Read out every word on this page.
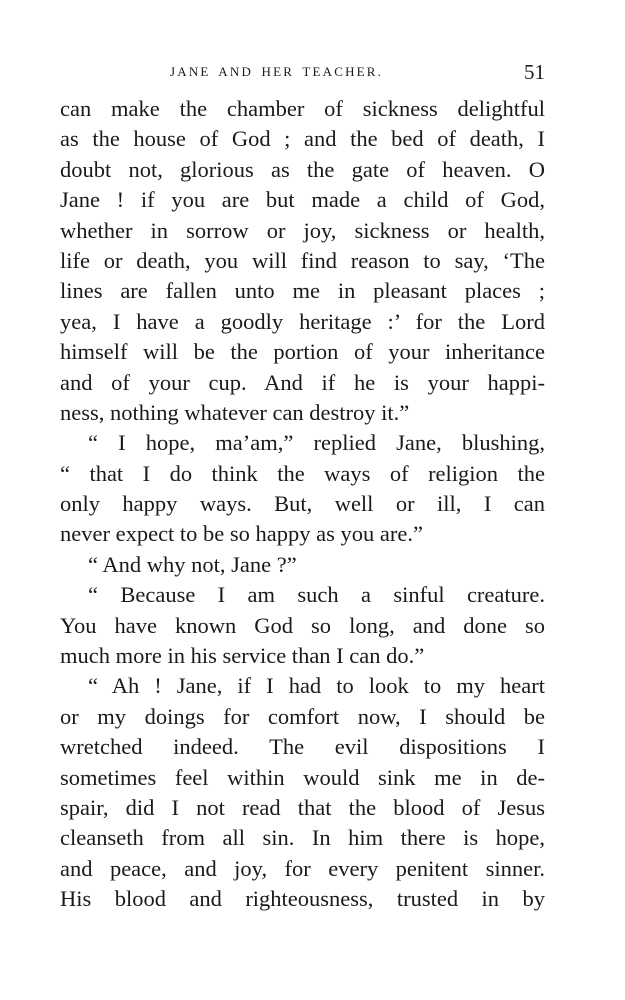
JANE AND HER TEACHER.	51
can make the chamber of sickness delightful
as the house of God ; and the bed of death, I
doubt not, glorious as the gate of heaven. O
Jane ! if you are but made a child of God,
whether in sorrow or joy, sickness or health,
life or death, you will find reason to say, ‘The
lines are fallen unto me in pleasant places ;
yea, I have a goodly heritage :’ for the Lord
himself will be the portion of your inheritance
and of your cup. And if he is your happi-
ness, nothing whatever can destroy it.”
“ I hope, ma’am,” replied Jane, blushing,
“ that I do think the ways of religion the
only happy ways. But, well or ill, I can
never expect to be so happy as you are.”
“ And why not, Jane ?”
“ Because I am such a sinful creature.
You have known God so long, and done so
much more in his service than I can do.”
“ Ah ! Jane, if I had to look to my heart
or my doings for comfort now, I should be
wretched indeed. The evil dispositions I
sometimes feel within would sink me in de-
spair, did I not read that the blood of Jesus
cleanseth from all sin. In him there is hope,
and peace, and joy, for every penitent sinner.
His blood and righteousness, trusted in by
